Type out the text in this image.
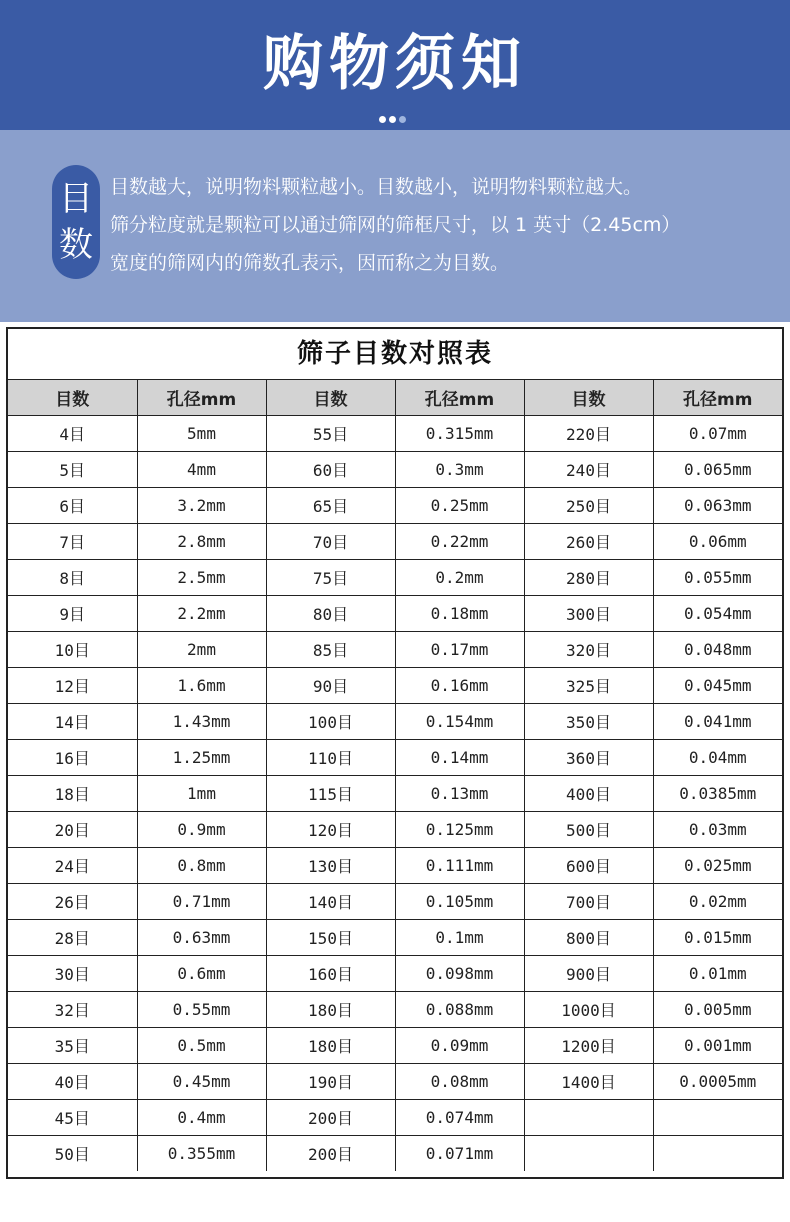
购物须知
目
数
目数越大，说明物料颗粒越小。目数越小，说明物料颗粒越大。
筛分粒度就是颗粒可以通过筛网的筛框尺寸，以 1 英寸（2.45cm）
宽度的筛网内的筛数孔表示，因而称之为目数。
筛子目数对照表
目数	孔径mm	目数	孔径mm	目数	孔径mm
4目	5mm	55目	0.315mm	220目	0.07mm
5目	4mm	60目	0.3mm	240目	0.065mm
6目	3.2mm	65目	0.25mm	250目	0.063mm
7目	2.8mm	70目	0.22mm	260目	0.06mm
8目	2.5mm	75目	0.2mm	280目	0.055mm
9目	2.2mm	80目	0.18mm	300目	0.054mm
10目	2mm	85目	0.17mm	320目	0.048mm
12目	1.6mm	90目	0.16mm	325目	0.045mm
14目	1.43mm	100目	0.154mm	350目	0.041mm
16目	1.25mm	110目	0.14mm	360目	0.04mm
18目	1mm	115目	0.13mm	400目	0.0385mm
20目	0.9mm	120目	0.125mm	500目	0.03mm
24目	0.8mm	130目	0.111mm	600目	0.025mm
26目	0.71mm	140目	0.105mm	700目	0.02mm
28目	0.63mm	150目	0.1mm	800目	0.015mm
30目	0.6mm	160目	0.098mm	900目	0.01mm
32目	0.55mm	180目	0.088mm	1000目	0.005mm
35目	0.5mm	180目	0.09mm	1200目	0.001mm
40目	0.45mm	190目	0.08mm	1400目	0.0005mm
45目	0.4mm	200目	0.074mm		
50目	0.355mm	200目	0.071mm		
